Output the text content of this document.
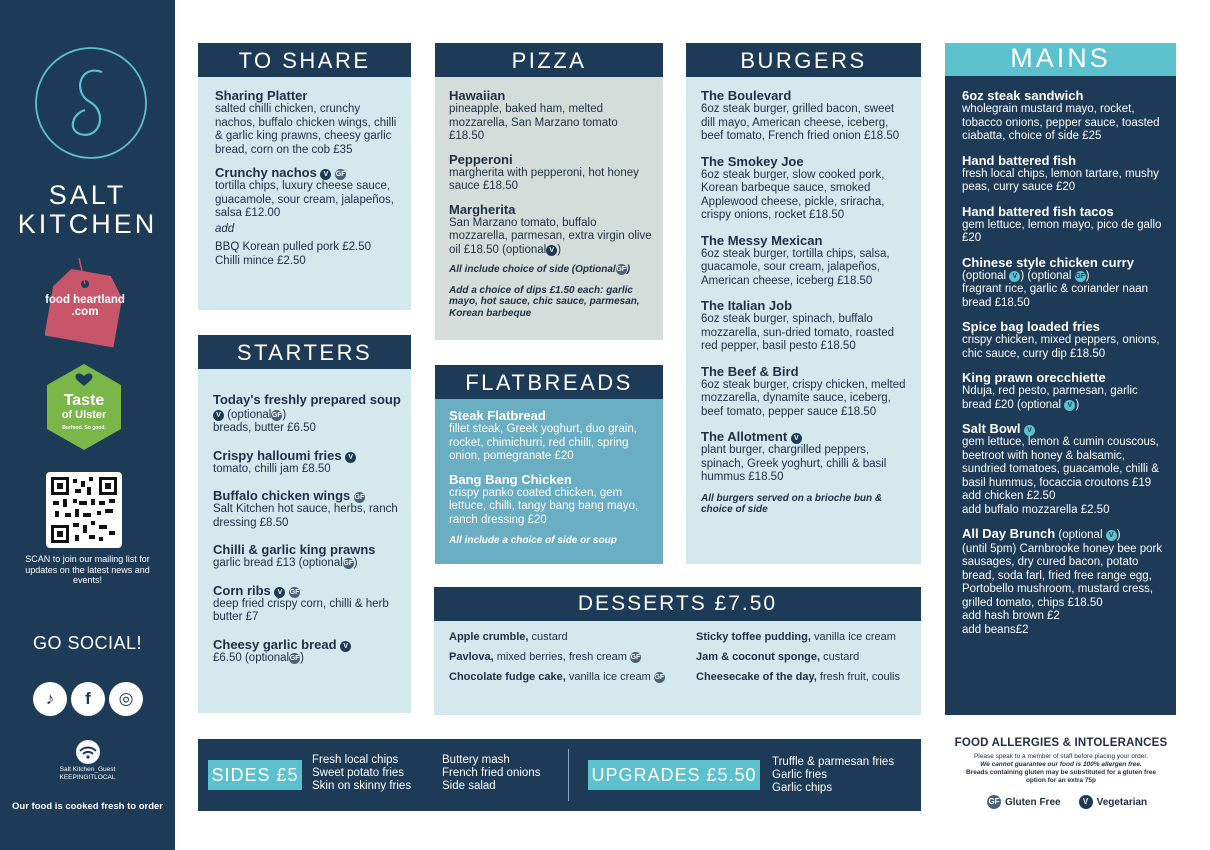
SALT
KITCHEN
food heartland .com
Taste
of Ulster
Burfood. So good.
SCAN to join our mailing list for updates on the latest news and events!
GO SOCIAL!
♪	f	◎
Salt Kitchen_Guest
KEEPINGITLOCAL
Our food is cooked fresh to order
TO SHARE
Sharing Platter
salted chilli chicken, crunchy nachos, buffalo chicken wings, chilli & garlic king prawns, cheesy garlic bread, corn on the cob £35
Crunchy nachos V GF
tortilla chips, luxury cheese sauce, guacamole, sour cream, jalapeños, salsa £12.00
add
BBQ Korean pulled pork £2.50
Chilli mince £2.50
STARTERS
Today's freshly prepared soup V (optionalGF)
breads, butter £6.50
Crispy halloumi fries V
tomato, chilli jam £8.50
Buffalo chicken wings GF
Salt Kitchen hot sauce, herbs, ranch dressing £8.50
Chilli & garlic king prawns
garlic bread £13 (optionalGF)
Corn ribs V GF
deep fried crispy corn, chilli & herb butter £7
Cheesy garlic bread V
£6.50 (optionalGF)
PIZZA
Hawaiian
pineapple, baked ham, melted mozzarella, San Marzano tomato £18.50
Pepperoni
margherita with pepperoni, hot honey sauce £18.50
Margherita
San Marzano tomato, buffalo mozzarella, parmesan, extra virgin olive oil £18.50 (optional V )
All include choice of side (OptionalGF)
Add a choice of dips £1.50 each: garlic mayo, hot sauce, chic sauce, parmesan, Korean barbeque
FLATBREADS
Steak Flatbread
fillet steak, Greek yoghurt, duo grain, rocket, chimichurri, red chilli, spring onion, pomegranate £20
Bang Bang Chicken
crispy panko coated chicken, gem lettuce, chilli, tangy bang bang mayo, ranch dressing £20
All include a choice of side or soup
BURGERS
The Boulevard
6oz steak burger, grilled bacon, sweet dill mayo, American cheese, iceberg, beef tomato, French fried onion £18.50
The Smokey Joe
6oz steak burger, slow cooked pork, Korean barbeque sauce, smoked Applewood cheese, pickle, sriracha, crispy onions, rocket £18.50
The Messy Mexican
6oz steak burger, tortilla chips, salsa, guacamole, sour cream, jalapeños, American cheese, iceberg £18.50
The Italian Job
6oz steak burger, spinach, buffalo mozzarella, sun-dried tomato, roasted red pepper, basil pesto £18.50
The Beef & Bird
6oz steak burger, crispy chicken, melted mozzarella, dynamite sauce, iceberg, beef tomato, pepper sauce £18.50
The Allotment V
plant burger, chargrilled peppers, spinach, Greek yoghurt, chilli & basil hummus £18.50
All burgers served on a brioche bun & choice of side
MAINS
6oz steak sandwich
wholegrain mustard mayo, rocket, tobacco onions, pepper sauce, toasted ciabatta, choice of side £25
Hand battered fish
fresh local chips, lemon tartare, mushy peas, curry sauce £20
Hand battered fish tacos
gem lettuce, lemon mayo, pico de gallo £20
Chinese style chicken curry
(optional V ) (optional GF)
fragrant rice, garlic & coriander naan bread £18.50
Spice bag loaded fries
crispy chicken, mixed peppers, onions, chic sauce, curry dip £18.50
King prawn orecchiette
Nduja, red pesto, parmesan, garlic bread £20 (optional V )
Salt Bowl V
gem lettuce, lemon & cumin couscous, beetroot with honey & balsamic, sundried tomatoes, guacamole, chilli & basil hummus, focaccia croutons £19
add chicken £2.50
add buffalo mozzarella £2.50
All Day Brunch (optional V )
(until 5pm) Carnbrooke honey bee pork sausages, dry cured bacon, potato bread, soda farl, fried free range egg, Portobello mushroom, mustard cress, grilled tomato, chips £18.50
add hash brown £2
add beans£2
DESSERTS £7.50
Apple crumble, custard
Pavlova, mixed berries, fresh cream GF
Chocolate fudge cake, vanilla ice cream GF
Sticky toffee pudding, vanilla ice cream
Jam & coconut sponge, custard
Cheesecake of the day, fresh fruit, coulis
SIDES £5
Fresh local chips
Sweet potato fries
Skin on skinny fries
Buttery mash
French fried onions
Side salad
UPGRADES £5.50
Truffle & parmesan fries
Garlic fries
Garlic chips
FOOD ALLERGIES & INTOLERANCES
Please speak to a member of staff before placing your order.
We cannot guarantee our food is 100% allergen free.
Breads containing gluten may be substituted for a gluten free option for an extra 75p
GF Gluten Free	V Vegetarian
